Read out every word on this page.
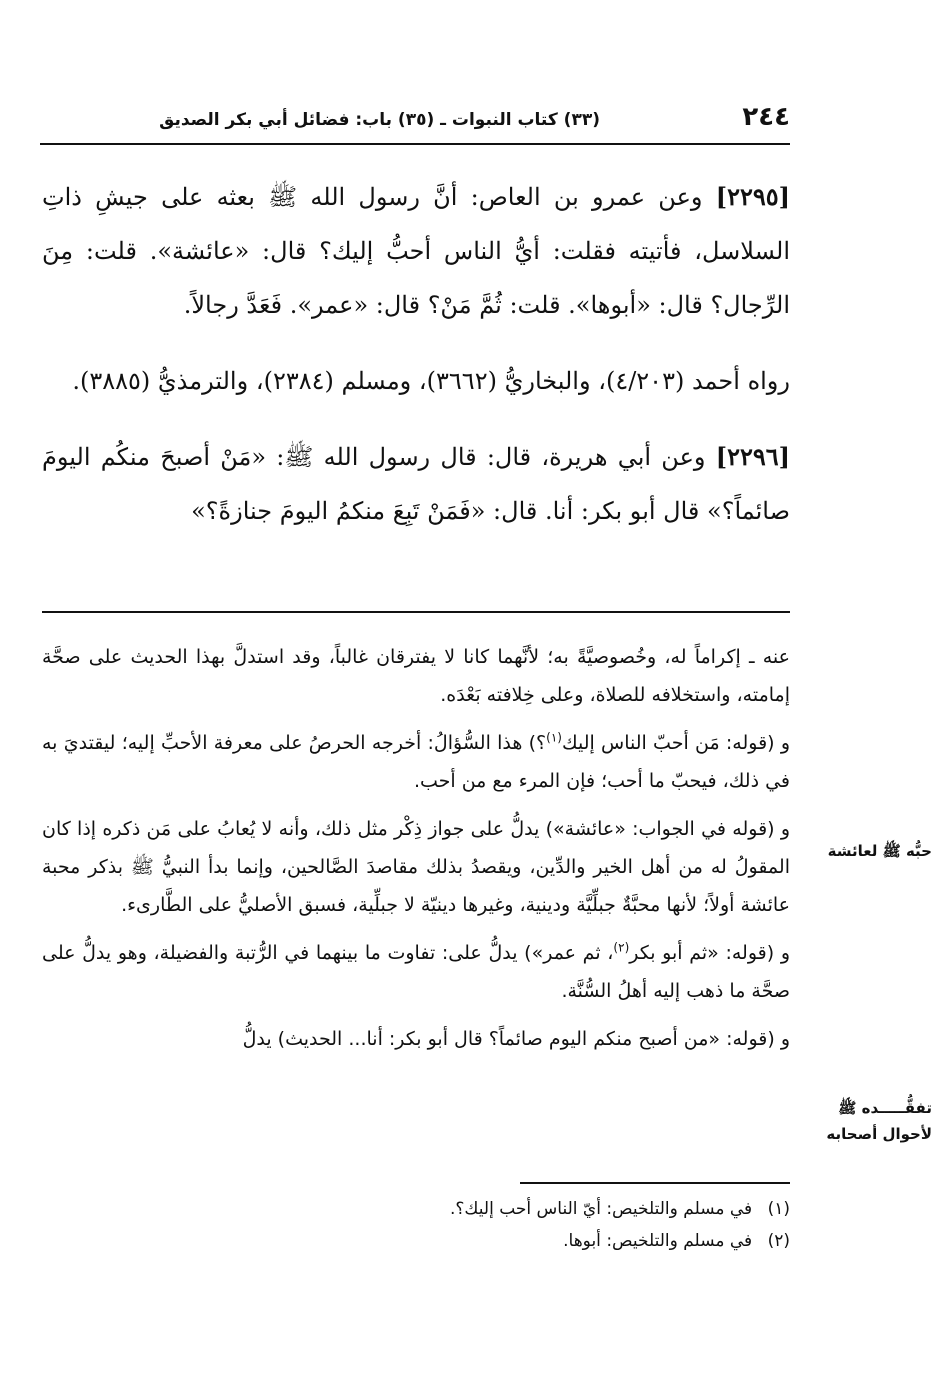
٢٤٤
(٣٣) كتاب النبوات ـ (٣٥) باب: فضائل أبي بكر الصديق

[٢٢٩٥] وعن عمرو بن العاص: أنَّ رسول الله ﷺ بعثه على جيشِ ذاتِ السلاسل، فأتيته فقلت: أيُّ الناس أحبُّ إليك؟ قال: «عائشة». قلت: مِنَ الرِّجال؟ قال: «أبوها». قلت: ثُمَّ مَنْ؟ قال: «عمر». فَعَدَّ رجالاً.

رواه أحمد (٤/٢٠٣)، والبخاريُّ (٣٦٦٢)، ومسلم (٢٣٨٤)، والترمذيُّ (٣٨٨٥).

[٢٢٩٦] وعن أبي هريرة، قال: قال رسول الله ﷺ: «مَنْ أصبحَ منكُم اليومَ صائماً؟» قال أبو بكر: أنا. قال: «فَمَنْ تَبِعَ منكمُ اليومَ جنازةً؟»

عنه ـ إكراماً له، وخُصوصيَّةً به؛ لأنَّهما كانا لا يفترقان غالباً، وقد استدلَّ بهذا الحديث على صحَّة إمامته، واستخلافه للصلاة، وعلى خِلافته بَعْدَه.

و (قوله: مَن أحبّ الناس إليك$^{(١)}$؟) هذا السُّؤالُ: أخرجه الحرصُ على معرفة الأحبِّ إليه؛ ليقتديَ به في ذلك، فيحبّ ما أحب؛ فإن المرء مع من أحب.

و (قوله في الجواب: «عائشة») يدلُّ على جواز ذِكْر مثل ذلك، وأنه لا يُعابُ على مَن ذكره إذا كان المقولُ له من أهل الخير والدِّين، ويقصدُ بذلك مقاصدَ الصَّالحين، وإنما بدأ النبيُّ ﷺ بذكر محبة عائشة أولاً؛ لأنها محبَّةٌ جبلِّيَّة ودينية، وغيرها دينيّة لا جبلِّية، فسبق الأصليُّ على الطَّارىء.

و (قوله: «ثم أبو بكر$^{(٢)}$، ثم عمر») يدلُّ على: تفاوت ما بينهما في الرُّتبة والفضيلة، وهو يدلُّ على صحَّة ما ذهب إليه أهلُ السُّنَّة.

و (قوله: «من أصبح منكم اليوم صائماً؟ قال أبو بكر: أنا... الحديث) يدلُّ

حبُّه ﷺ لعائشة
تفقُّـــــده ﷺ
لأحوال أصحابه

(١) في مسلم والتلخيص: أيّ الناس أحب إليك؟.

(٢) في مسلم والتلخيص: أبوها.
